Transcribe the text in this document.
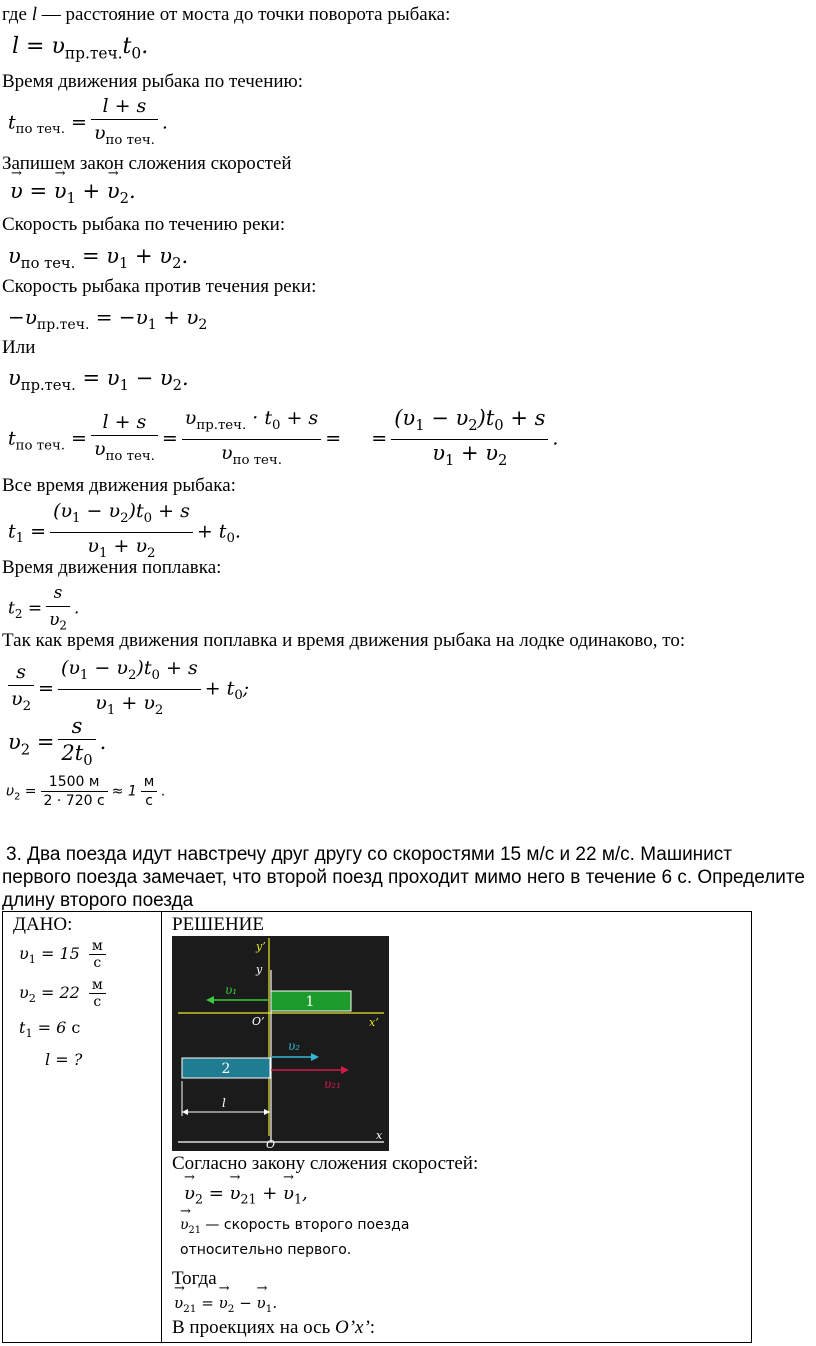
где l — расстояние от моста до точки поворота рыбака:
$l = \upsilon_{пр.теч.}t_0$.
Время движения рыбака по течению:
$t_{по теч.} = \frac{l + s}{\upsilon_{по теч.}}$ .
Запишем закон сложения скоростей
→ υ = → $\upsilon_1$ + → $\upsilon_2$.
Скорость рыбака по течению реки:
$\upsilon_{по теч.} = \upsilon_1 + \upsilon_2$.
Скорость рыбака против течения реки:
$-\upsilon_{пр.теч.} = -\upsilon_1 + \upsilon_2$
Или
$\upsilon_{пр.теч.} = \upsilon_1 - \upsilon_2$.
$t_{по теч.} = \frac{l + s}{\upsilon_{по теч.}} = \frac{\upsilon_{пр.теч.} \cdot t_0 + s}{\upsilon_{по теч.}}$ =     = $\frac{(\upsilon_1 - \upsilon_2)t_0 + s}{\upsilon_1 + \upsilon_2}$ .
Все время движения рыбака:
$t_1 = \frac{(\upsilon_1 - \upsilon_2)t_0 + s}{\upsilon_1 + \upsilon_2} + t_0$.
Время движения поплавка:
$t_2 = \frac{s}{\upsilon_2}$ .
Так как время движения поплавка и время движения рыбака на лодке одинаково, то:
$\frac{s}{\upsilon_2} = \frac{(\upsilon_1 - \upsilon_2)t_0 + s}{\upsilon_1 + \upsilon_2} + t_0$;
$\upsilon_2 = \frac{s}{2t_0}$ .
$\upsilon_2 = \frac{1500 м}{2 \cdot 720 с} \approx 1 \frac{м}{с}$ .
3. Два поезда идут навстречу друг другу со скоростями 15 м/с и 22 м/с. Машинист
первого поезда замечает, что второй поезд проходит мимо него в течение 6 с. Определите
длину второго поезда
ДАНО:
$\upsilon_1 = 15 \frac{м}{с}$
$\upsilon_2 = 22 \frac{м}{с}$
$t_1 = 6$ с
l = ?

РЕШЕНИЕ
1
2
υ₁
υ₂
υ₂₁
l
y’
y
O’	x’
O
x
Согласно закону сложения скоростей:
→ $\upsilon_2$ = → $\upsilon_{21}$ + → $\upsilon_1$,
→ $\upsilon_{21}$ — скорость второго поезда
относительно первого.
Тогда
→ $\upsilon_{21}$ = → $\upsilon_2$ − → $\upsilon_1$.
В проекциях на ось O’x’:
